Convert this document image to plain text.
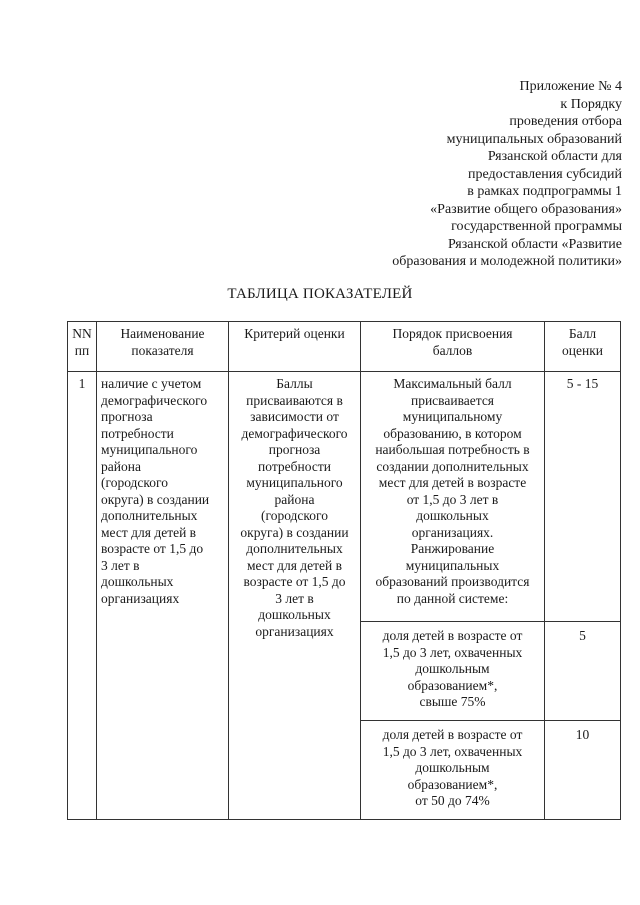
Приложение № 4
к Порядку
проведения отбора
муниципальных образований
Рязанской области для
предоставления субсидий
в рамках подпрограммы 1
«Развитие общего образования»
государственной программы
Рязанской области «Развитие
образования и молодежной политики»
ТАБЛИЦА ПОКАЗАТЕЛЕЙ
NN
пп
Наименование
показателя
Критерий оценки	Порядок присвоения
баллов
Балл
оценки
1	наличие с учетом
демографического
прогноза
потребности
муниципального
района
(городского
округа) в создании
дополнительных
мест для детей в
возрасте от 1,5 до
3 лет в
дошкольных
организациях
Баллы
присваиваются в
зависимости от
демографического
прогноза
потребности
муниципального
района
(городского
округа) в создании
дополнительных
мест для детей в
возрасте от 1,5 до
3 лет в
дошкольных
организациях
Максимальный балл
присваивается
муниципальному
образованию, в котором
наибольшая потребность в
создании дополнительных
мест для детей в возрасте
от 1,5 до 3 лет в
дошкольных
организациях.
Ранжирование
муниципальных
образований производится
по данной системе:
5 - 15
доля детей в возрасте от
1,5 до 3 лет, охваченных
дошкольным
образованием*,
свыше 75%
5
доля детей в возрасте от
1,5 до 3 лет, охваченных
дошкольным
образованием*,
от 50 до 74%
10
